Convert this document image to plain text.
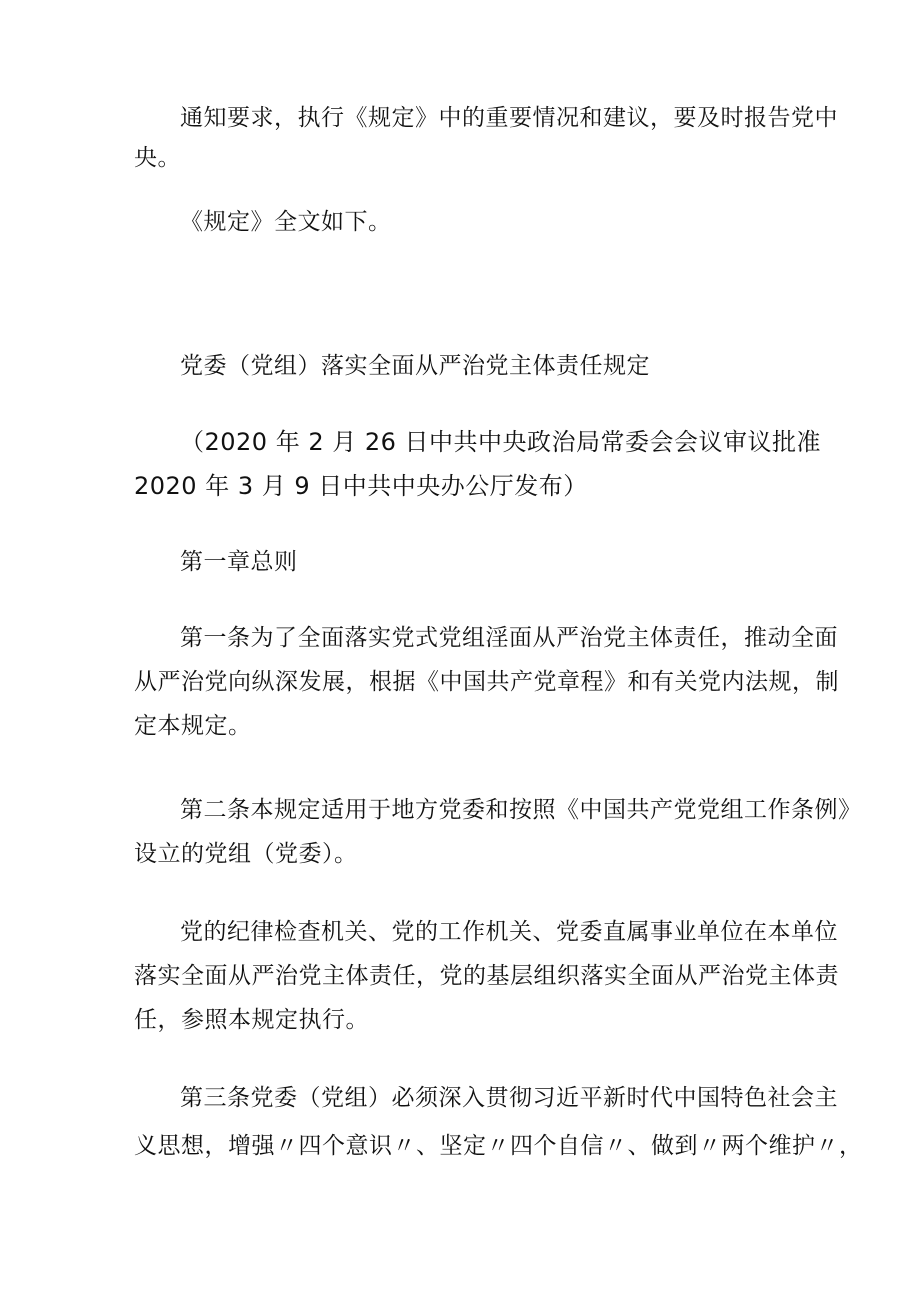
通知要求，执行《规定》中的重要情况和建议，要及时报告党中
央。

《规定》全文如下。

党委（党组）落实全面从严治党主体责任规定

（2020 年 2 月 26 日中共中央政治局常委会会议审议批准
2020 年 3 月 9 日中共中央办公厅发布）

第一章总则

第一条为了全面落实党式党组淫面从严治党主体责任，推动全面
从严治党向纵深发展，根据《中国共产党章程》和有关党内法规，制
定本规定。

第二条本规定适用于地方党委和按照《中国共产党党组工作条例》
设立的党组（党委）。

党的纪律检查机关、党的工作机关、党委直属事业单位在本单位
落实全面从严治党主体责任，党的基层组织落实全面从严治党主体责
任，参照本规定执行。

第三条党委（党组）必须深入贯彻习近平新时代中国特色社会主
义思想，增强〃四个意识〃、坚定〃四个自信〃、做到〃两个维护〃，
